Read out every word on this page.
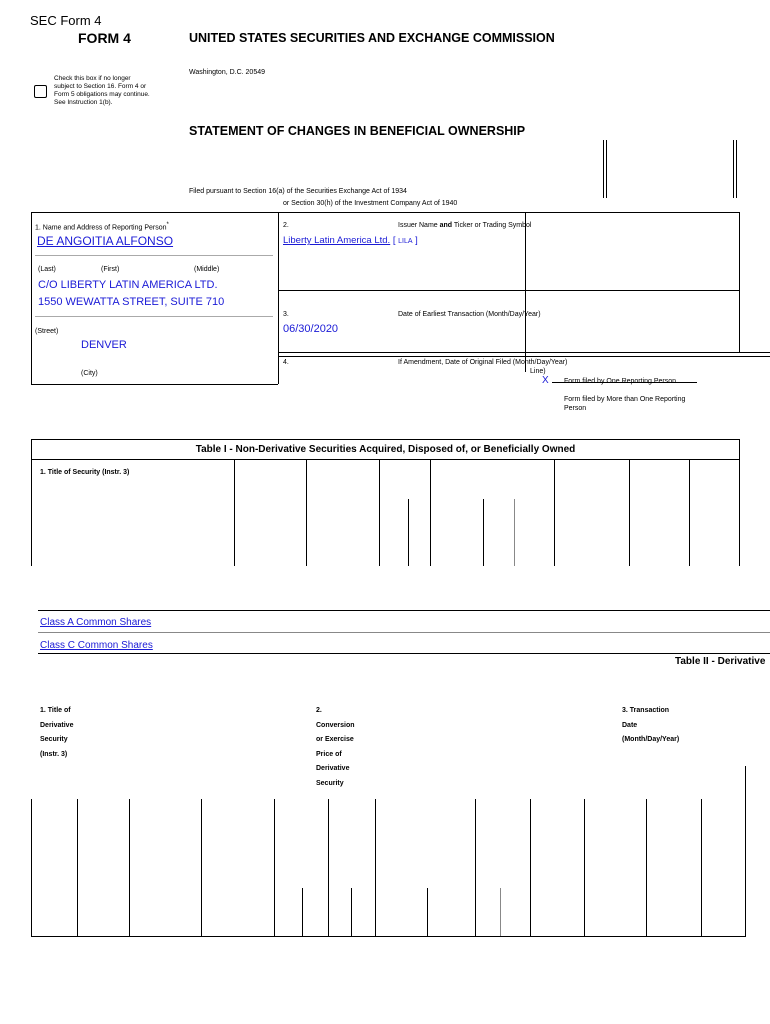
SEC Form 4
FORM 4	UNITED STATES SECURITIES AND EXCHANGE COMMISSION
Washington, D.C. 20549
Check this box if no longer
subject to Section 16. Form 4 or
Form 5 obligations may continue.
See Instruction 1(b).
STATEMENT OF CHANGES IN BENEFICIAL OWNERSHIP
Filed pursuant to Section 16(a) of the Securities Exchange Act of 1934
or Section 30(h) of the Investment Company Act of 1940
1. Name and Address of Reporting Person*
DE ANGOITIA ALFONSO
(Last)	(First)	(Middle)
C/O LIBERTY LATIN AMERICA LTD.
1550 WEWATTA STREET, SUITE 710
(Street)
DENVER
(City)
2.	Issuer Name and Ticker or Trading Symbol
Liberty Latin America Ltd. [ LILA ]
3.	Date of Earliest Transaction (Month/Day/Year)
06/30/2020
4.	If Amendment, Date of Original Filed (Month/Day/Year)
Line)
X
Form filed by More than One Reporting
Person
Table I - Non-Derivative Securities Acquired, Disposed of, or Beneficially Owned
1. Title of Security (Instr. 3)
Class A Common Shares
Class C Common Shares
Table II - Derivative
1. Title of
Derivative
Security
(Instr. 3)
2.
Conversion
or Exercise
Price of
Derivative
Security
3. Transaction
Date
(Month/Day/Year)
